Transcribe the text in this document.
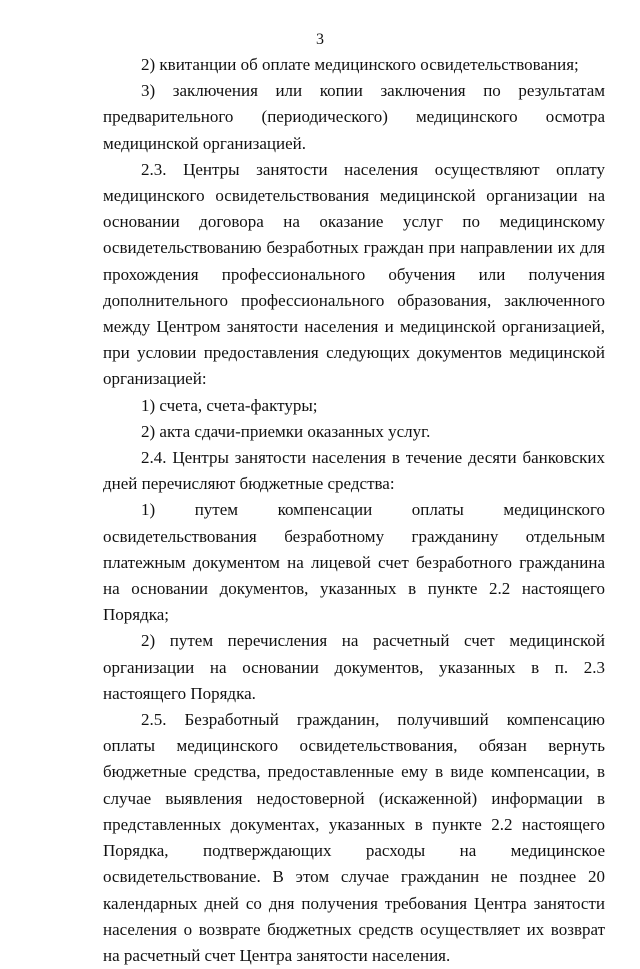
3

2) квитанции об оплате медицинского освидетельствования;

3) заключения или копии заключения по результатам предварительного (периодического) медицинского осмотра медицинской организацией.

2.3. Центры занятости населения осуществляют оплату медицинского освидетельствования медицинской организации на основании договора на оказание услуг по медицинскому освидетельствованию безработных граждан при направлении их для прохождения профессионального обучения или получения дополнительного профессионального образования, заключенного между Центром занятости населения и медицинской организацией, при условии предоставления следующих документов медицинской организацией:

1) счета, счета-фактуры;

2) акта сдачи-приемки оказанных услуг.

2.4. Центры занятости населения в течение десяти банковских дней перечисляют бюджетные средства:

1) путем компенсации оплаты медицинского освидетельствования безработному гражданину отдельным платежным документом на лицевой счет безработного гражданина на основании документов, указанных в пункте 2.2 настоящего Порядка;

2) путем перечисления на расчетный счет медицинской организации на основании документов, указанных в п. 2.3 настоящего Порядка.

2.5. Безработный гражданин, получивший компенсацию оплаты медицинского освидетельствования, обязан вернуть бюджетные средства, предоставленные ему в виде компенсации, в случае выявления недостоверной (искаженной) информации в представленных документах, указанных в пункте 2.2 настоящего Порядка, подтверждающих расходы на медицинское освидетельствование. В этом случае гражданин не позднее 20 календарных дней со дня получения требования Центра занятости населения о возврате бюджетных средств осуществляет их возврат на расчетный счет Центра занятости населения.
